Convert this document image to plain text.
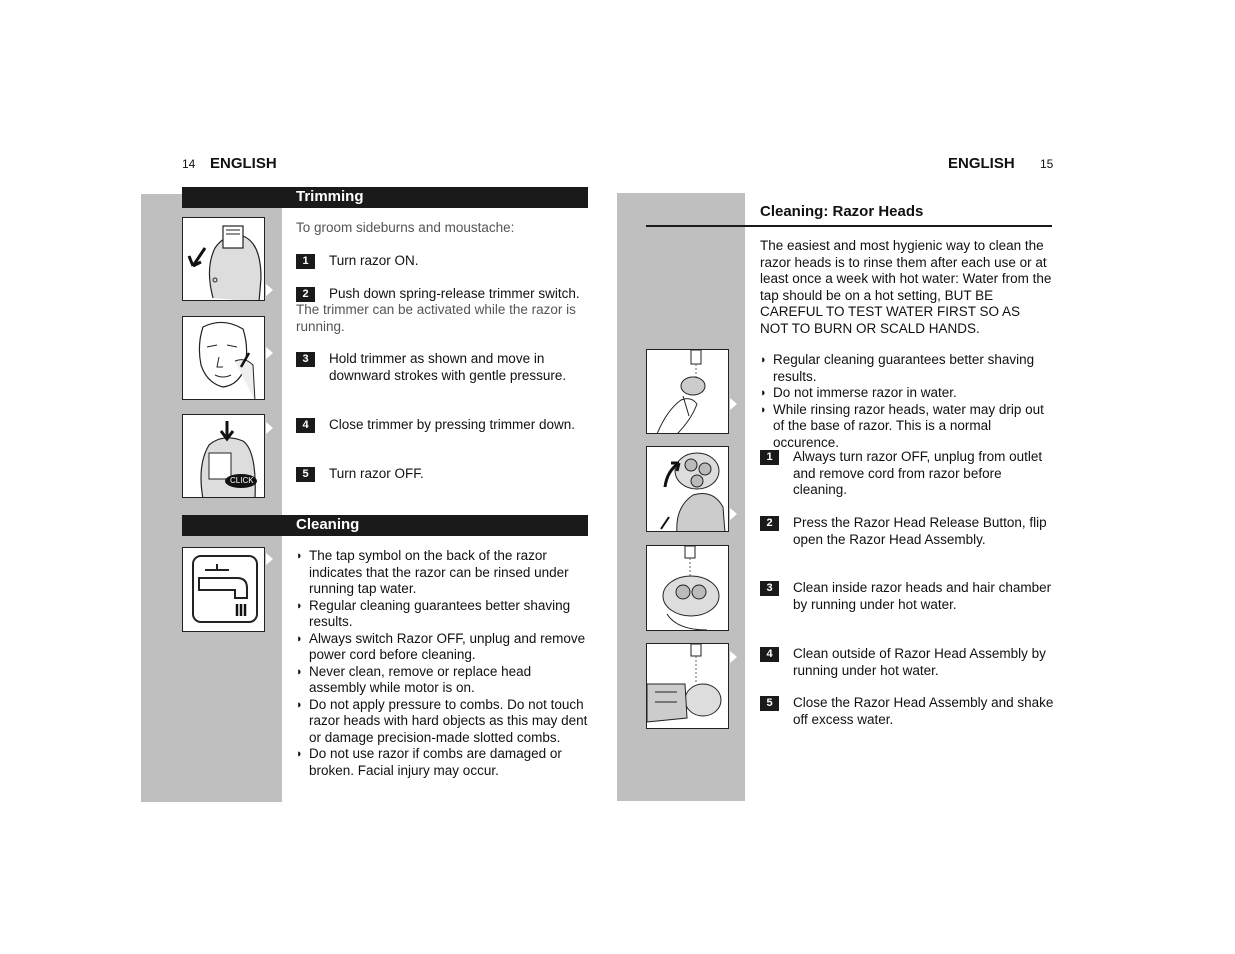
14 ENGLISH
Trimming
CLICK
To groom sideburns and moustache:
1	Turn razor ON.
2	Push down spring-release trimmer switch.
The trimmer can be activated while the razor is running.
3	Hold trimmer as shown and move in downward strokes with gentle pressure.
4	Close trimmer by pressing trimmer down.
5	Turn razor OFF.
Cleaning
◗ The tap symbol on the back of the razor indicates that the razor can be rinsed under running tap water.
◗ Regular cleaning guarantees better shaving results.
◗ Always switch Razor OFF, unplug and remove power cord before cleaning.
◗ Never clean, remove or replace head assembly while motor is on.
◗ Do not apply pressure to combs. Do not touch razor heads with hard objects as this may dent or damage precision-made slotted combs.
◗ Do not use razor if combs are damaged or broken. Facial injury may occur.
ENGLISH 15
Cleaning: Razor Heads
The easiest and most hygienic way to clean the razor heads is to rinse them after each use or at least once a week with hot water: Water from the tap should be on a hot setting, BUT BE CAREFUL TO TEST WATER FIRST SO AS NOT TO BURN OR SCALD HANDS.
◗ Regular cleaning guarantees better shaving results.
◗ Do not immerse razor in water.
◗ While rinsing razor heads, water may drip out of the base of razor. This is a normal occurence.
1	Always turn razor OFF, unplug from outlet and remove cord from razor before cleaning.
2	Press the Razor Head Release Button, flip open the Razor Head Assembly.
3	Clean inside razor heads and hair chamber by running under hot water.
4	Clean outside of Razor Head Assembly by running under hot water.
5	Close the Razor Head Assembly and shake off excess water.
